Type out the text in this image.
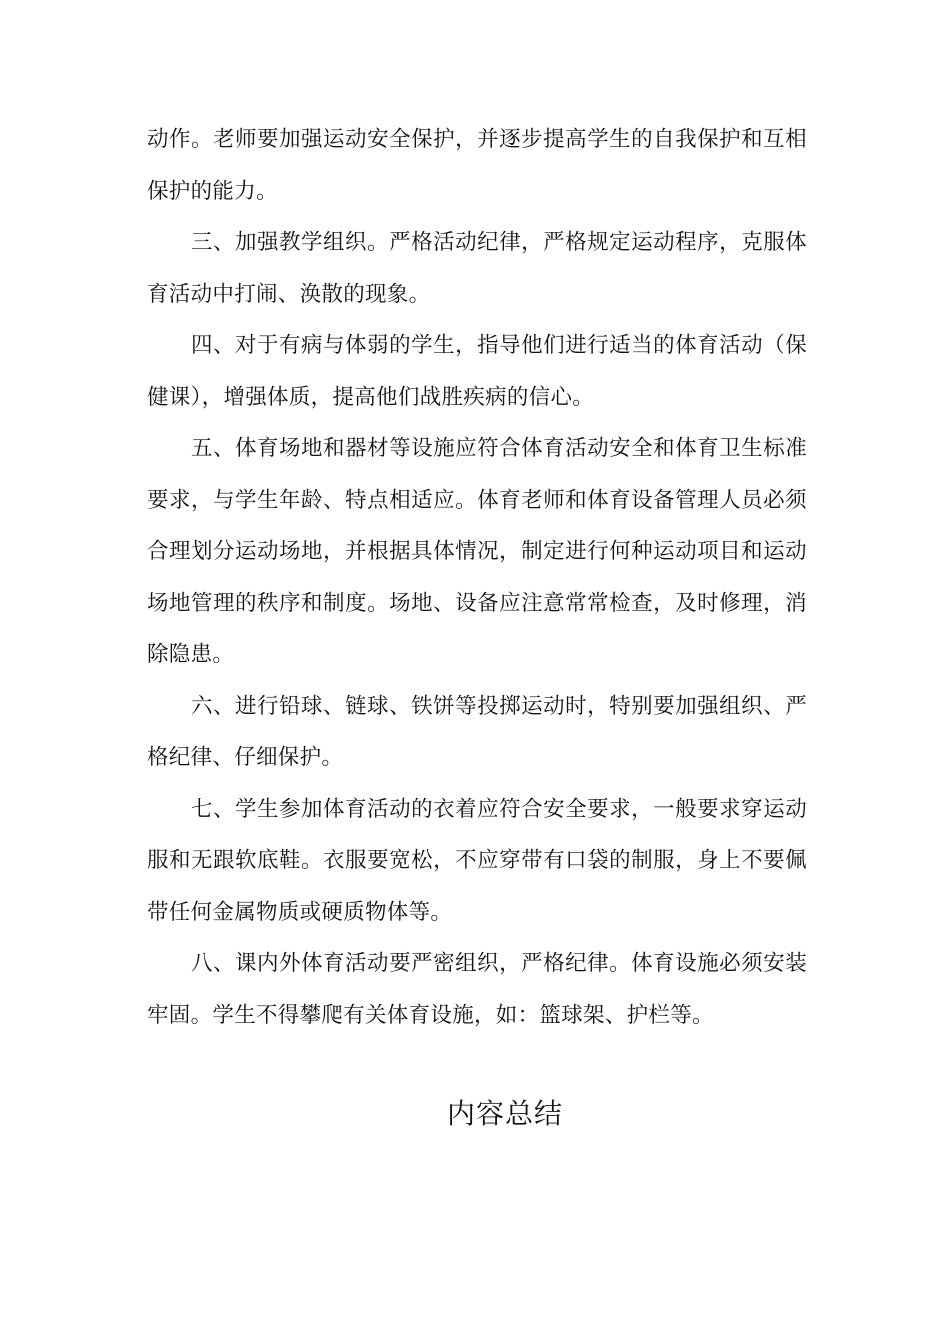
动作。老师要加强运动安全保护，并逐步提高学生的自我保护和互相保护的能力。

三、加强教学组织。严格活动纪律，严格规定运动程序，克服体育活动中打闹、涣散的现象。

四、对于有病与体弱的学生，指导他们进行适当的体育活动（保健课），增强体质，提高他们战胜疾病的信心。

五、体育场地和器材等设施应符合体育活动安全和体育卫生标准要求，与学生年龄、特点相适应。体育老师和体育设备管理人员必须合理划分运动场地，并根据具体情况，制定进行何种运动项目和运动场地管理的秩序和制度。场地、设备应注意常常检查，及时修理，消除隐患。

六、进行铅球、链球、铁饼等投掷运动时，特别要加强组织、严格纪律、仔细保护。

七、学生参加体育活动的衣着应符合安全要求，一般要求穿运动服和无跟软底鞋。衣服要宽松，不应穿带有口袋的制服，身上不要佩带任何金属物质或硬质物体等。

八、课内外体育活动要严密组织，严格纪律。体育设施必须安装牢固。学生不得攀爬有关体育设施，如：篮球架、护栏等。

内容总结
